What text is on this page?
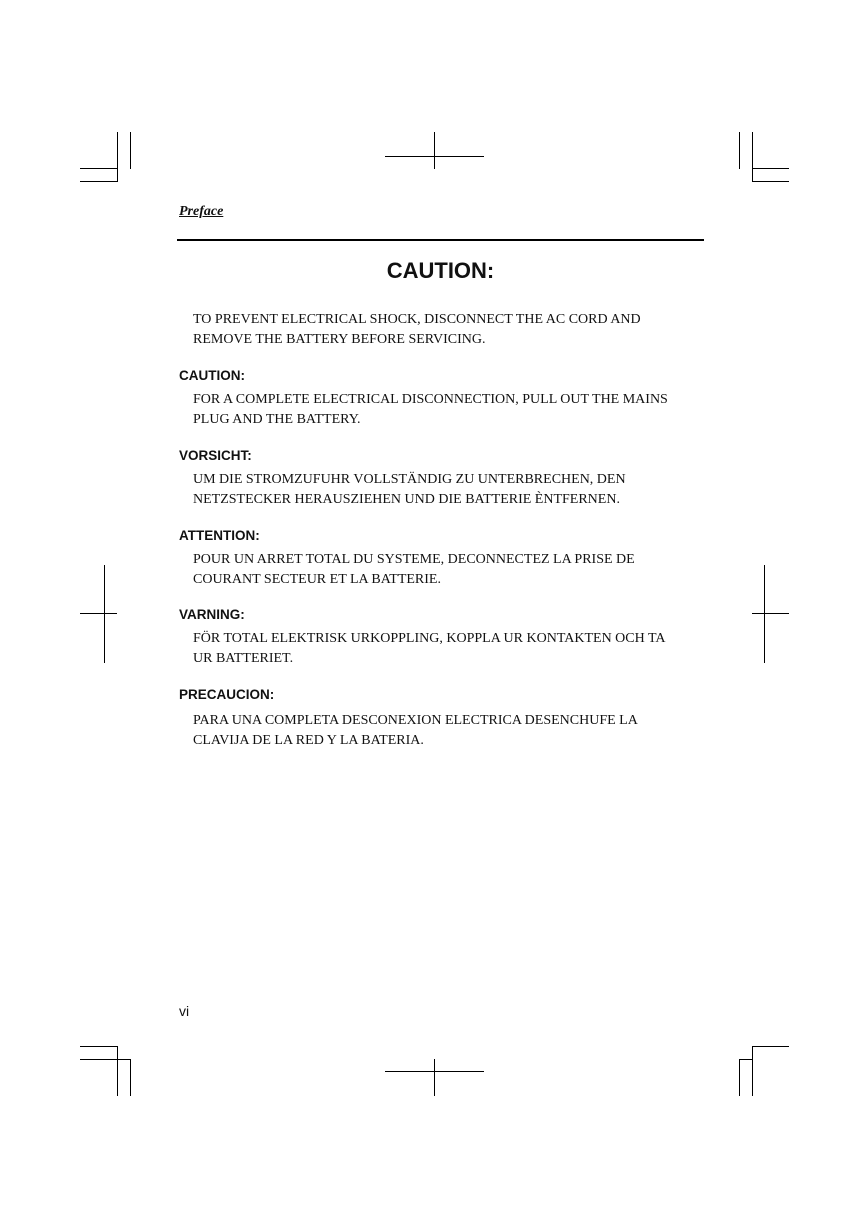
Preface
CAUTION:
TO PREVENT ELECTRICAL SHOCK, DISCONNECT THE AC CORD AND
REMOVE THE BATTERY BEFORE SERVICING.
CAUTION:
FOR A COMPLETE ELECTRICAL DISCONNECTION, PULL OUT THE MAINS
PLUG AND THE BATTERY.
VORSICHT:
UM DIE STROMZUFUHR VOLLSTÄNDIG ZU UNTERBRECHEN, DEN
NETZSTECKER HERAUSZIEHEN UND DIE BATTERIE ÈNTFERNEN.
ATTENTION:
POUR UN ARRET TOTAL DU SYSTEME, DECONNECTEZ LA PRISE DE
COURANT SECTEUR ET LA BATTERIE.
VARNING:
FÖR TOTAL ELEKTRISK URKOPPLING, KOPPLA UR KONTAKTEN OCH TA
UR BATTERIET.
PRECAUCION:
PARA UNA COMPLETA DESCONEXION ELECTRICA DESENCHUFE LA
CLAVIJA DE LA RED Y LA BATERIA.
vi
